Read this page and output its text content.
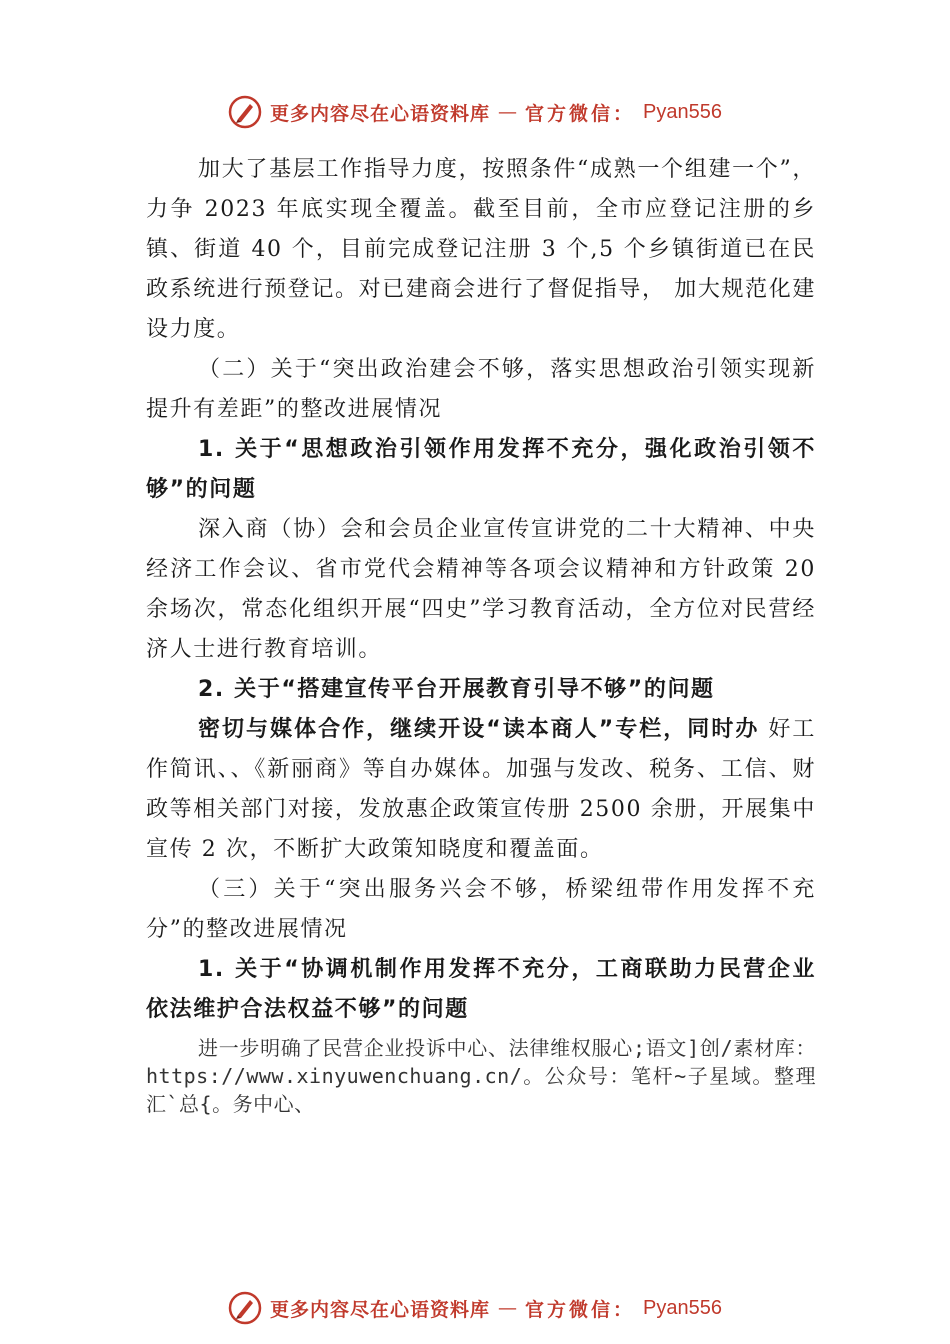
更多内容尽在心语资料库 — 官方微信： Pyan556

加大了基层工作指导力度，按照条件“成熟一个组建一个”，力争 2023 年底实现全覆盖。截至目前，全市应登记注册的乡镇、街道 40 个，目前完成登记注册 3 个,5 个乡镇街道已在民政系统进行预登记。对已建商会进行了督促指导， 加大规范化建设力度。

（二）关于“突出政治建会不够，落实思想政治引领实现新提升有差距”的整改进展情况

1. 关于“思想政治引领作用发挥不充分，强化政治引领不够”的问题

深入商（协）会和会员企业宣传宣讲党的二十大精神、中央经济工作会议、省市党代会精神等各项会议精神和方针政策 20 余场次，常态化组织开展“四史”学习教育活动，全方位对民营经济人士进行教育培训。

2. 关于“搭建宣传平台开展教育引导不够”的问题

密切与媒体合作，继续开设“读本商人”专栏，同时办 好工作简讯、、《新丽商》等自办媒体。加强与发改、税务、工信、财政等相关部门对接，发放惠企政策宣传册 2500 余册，开展集中宣传 2 次，不断扩大政策知晓度和覆盖面。

（三）关于“突出服务兴会不够，桥梁纽带作用发挥不充分”的整改进展情况

1. 关于“协调机制作用发挥不充分，工商联助力民营企业依法维护合法权益不够”的问题

进一步明确了民营企业投诉中心、法律维权服心;语文]创/素材库：https://www.xinyuwenchuang.cn/。公众号：笔杆~子星域。整理汇`总{。务中心、

更多内容尽在心语资料库 — 官方微信： Pyan556
